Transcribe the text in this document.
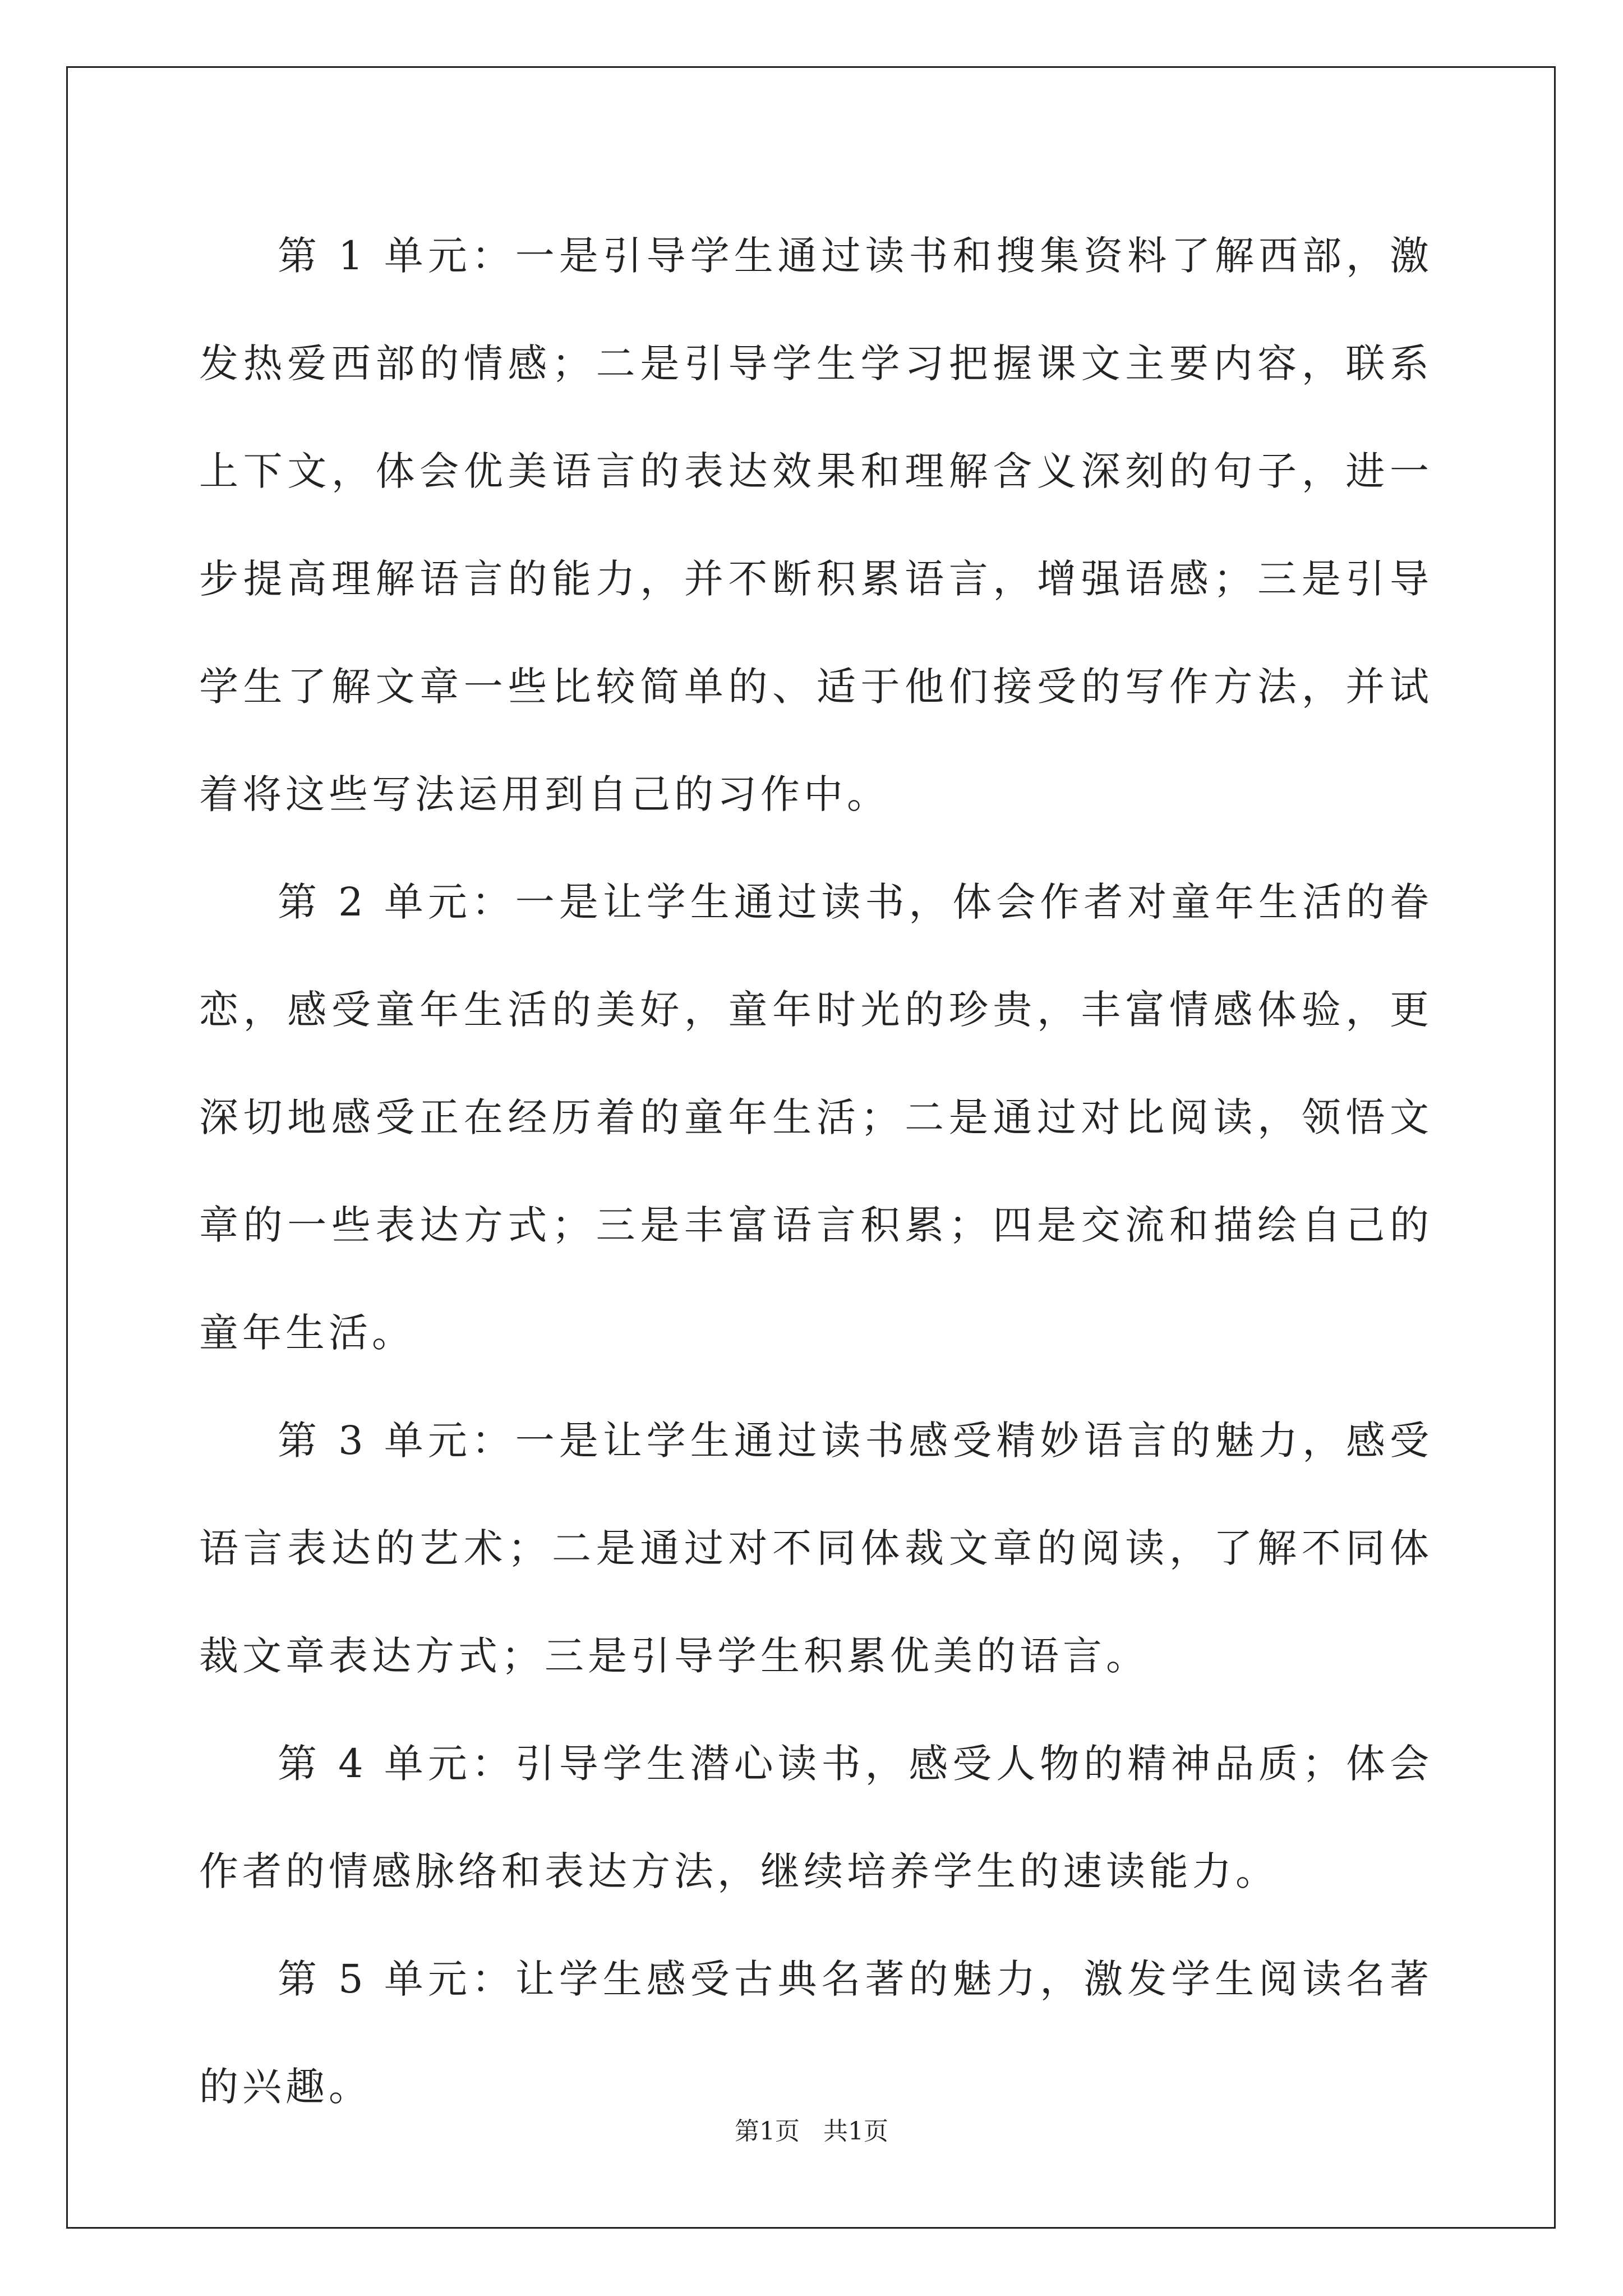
第 1 单元：一是引导学生通过读书和搜集资料了解西部，激发热爱西部的情感；二是引导学生学习把握课文主要内容，联系上下文，体会优美语言的表达效果和理解含义深刻的句子，进一步提高理解语言的能力，并不断积累语言，增强语感；三是引导学生了解文章一些比较简单的、适于他们接受的写作方法，并试着将这些写法运用到自己的习作中。

第 2 单元：一是让学生通过读书，体会作者对童年生活的眷恋，感受童年生活的美好，童年时光的珍贵，丰富情感体验，更深切地感受正在经历着的童年生活；二是通过对比阅读，领悟文章的一些表达方式；三是丰富语言积累；四是交流和描绘自己的童年生活。

第 3 单元：一是让学生通过读书感受精妙语言的魅力，感受语言表达的艺术；二是通过对不同体裁文章的阅读，了解不同体裁文章表达方式；三是引导学生积累优美的语言。

第 4 单元：引导学生潜心读书，感受人物的精神品质；体会作者的情感脉络和表达方法，继续培养学生的速读能力。

第 5 单元：让学生感受古典名著的魅力，激发学生阅读名著的兴趣。

第1页 共1页
